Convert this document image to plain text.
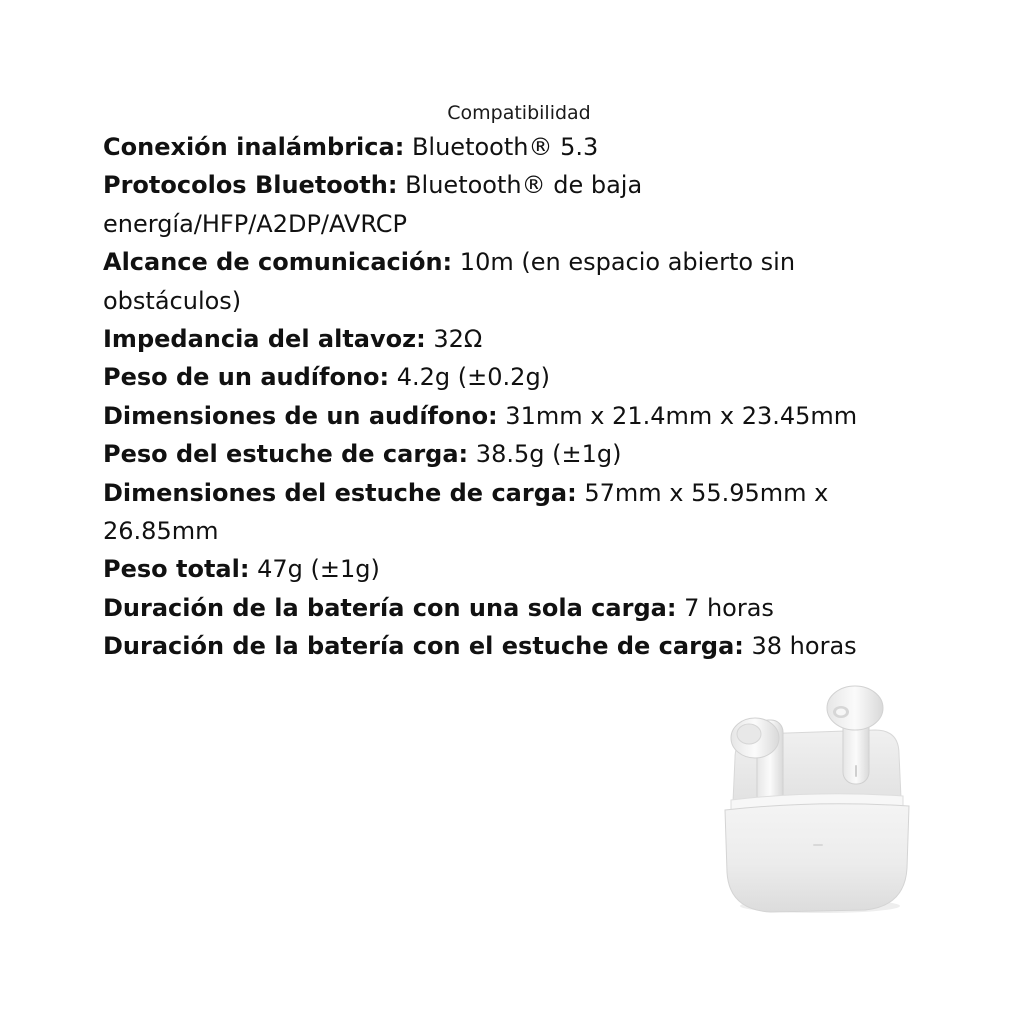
Compatibilidad
Conexión inalámbrica: Bluetooth® 5.3
Protocolos Bluetooth: Bluetooth® de baja energía/HFP/A2DP/AVRCP
Alcance de comunicación: 10m (en espacio abierto sin obstáculos)
Impedancia del altavoz: 32Ω
Peso de un audífono: 4.2g (±0.2g)
Dimensiones de un audífono: 31mm x 21.4mm x 23.45mm
Peso del estuche de carga: 38.5g (±1g)
Dimensiones del estuche de carga: 57mm x 55.95mm x 26.85mm
Peso total: 47g (±1g)
Duración de la batería con una sola carga: 7 horas
Duración de la batería con el estuche de carga: 38 horas
